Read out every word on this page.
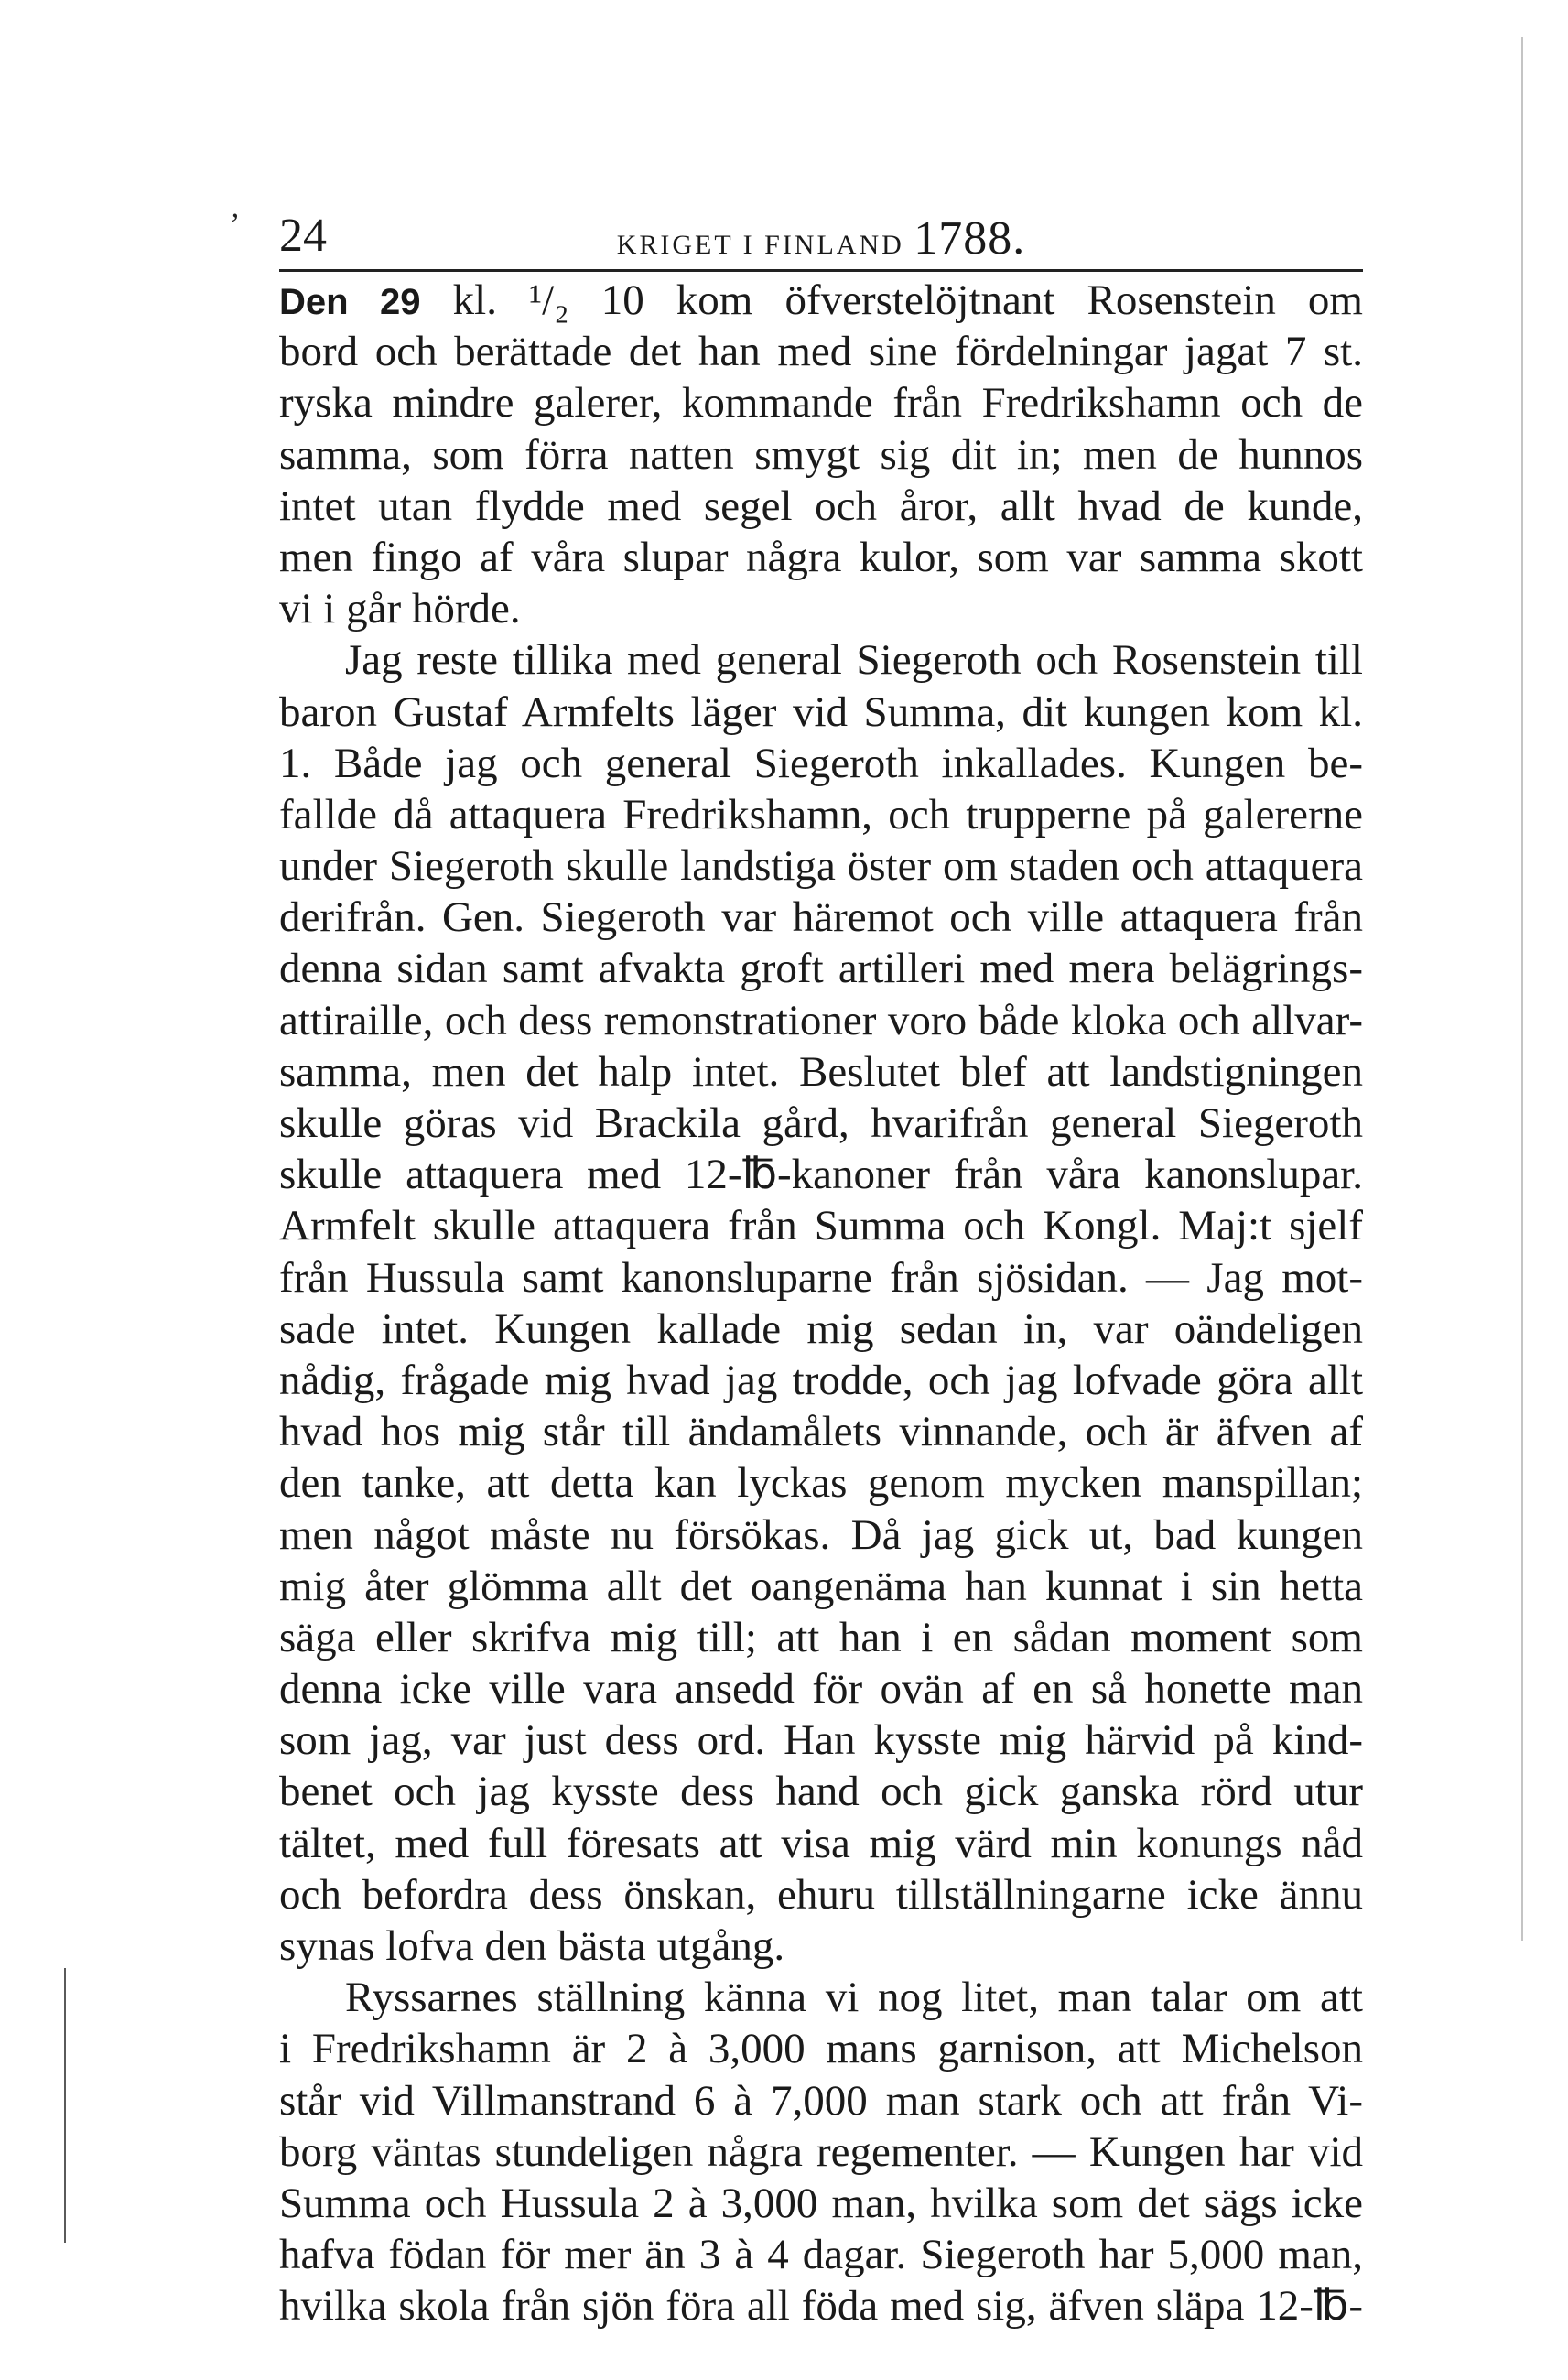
‚
24	KRIGET I FINLAND 1788.
Den 29 kl. ¹/₂ 10 kom öfverstelöjtnant Rosenstein om
bord och berättade det han med sine fördelningar jagat 7 st.
ryska mindre galerer, kommande från Fredrikshamn och de
samma, som förra natten smygt sig dit in; men de hunnos
intet utan flydde med segel och åror, allt hvad de kunde,
men fingo af våra slupar några kulor, som var samma skott
vi i går hörde.
Jag reste tillika med general Siegeroth och Rosenstein till
baron Gustaf Armfelts läger vid Summa, dit kungen kom kl.
1. Både jag och general Siegeroth inkallades. Kungen be-
fallde då attaquera Fredrikshamn, och trupperne på galererne
under Siegeroth skulle landstiga öster om staden och attaquera
derifrån. Gen. Siegeroth var häremot och ville attaquera från
denna sidan samt afvakta groft artilleri med mera belägrings-
attiraille, och dess remonstrationer voro både kloka och allvar-
samma, men det halp intet. Beslutet blef att landstigningen
skulle göras vid Brackila gård, hvarifrån general Siegeroth
skulle attaquera med 12-℔-kanoner från våra kanonslupar.
Armfelt skulle attaquera från Summa och Kongl. Maj:t sjelf
från Hussula samt kanonsluparne från sjösidan. — Jag mot-
sade intet. Kungen kallade mig sedan in, var oändeligen
nådig, frågade mig hvad jag trodde, och jag lofvade göra allt
hvad hos mig står till ändamålets vinnande, och är äfven af
den tanke, att detta kan lyckas genom mycken manspillan;
men något måste nu försökas. Då jag gick ut, bad kungen
mig åter glömma allt det oangenäma han kunnat i sin hetta
säga eller skrifva mig till; att han i en sådan moment som
denna icke ville vara ansedd för ovän af en så honette man
som jag, var just dess ord. Han kysste mig härvid på kind-
benet och jag kysste dess hand och gick ganska rörd utur
tältet, med full föresats att visa mig värd min konungs nåd
och befordra dess önskan, ehuru tillställningarne icke ännu
synas lofva den bästa utgång.
Ryssarnes ställning känna vi nog litet, man talar om att
i Fredrikshamn är 2 à 3,000 mans garnison, att Michelson
står vid Villmanstrand 6 à 7,000 man stark och att från Vi-
borg väntas stundeligen några regementer. — Kungen har vid
Summa och Hussula 2 à 3,000 man, hvilka som det sägs icke
hafva födan för mer än 3 à 4 dagar. Siegeroth har 5,000 man,
hvilka skola från sjön föra all föda med sig, äfven släpa 12-℔-
